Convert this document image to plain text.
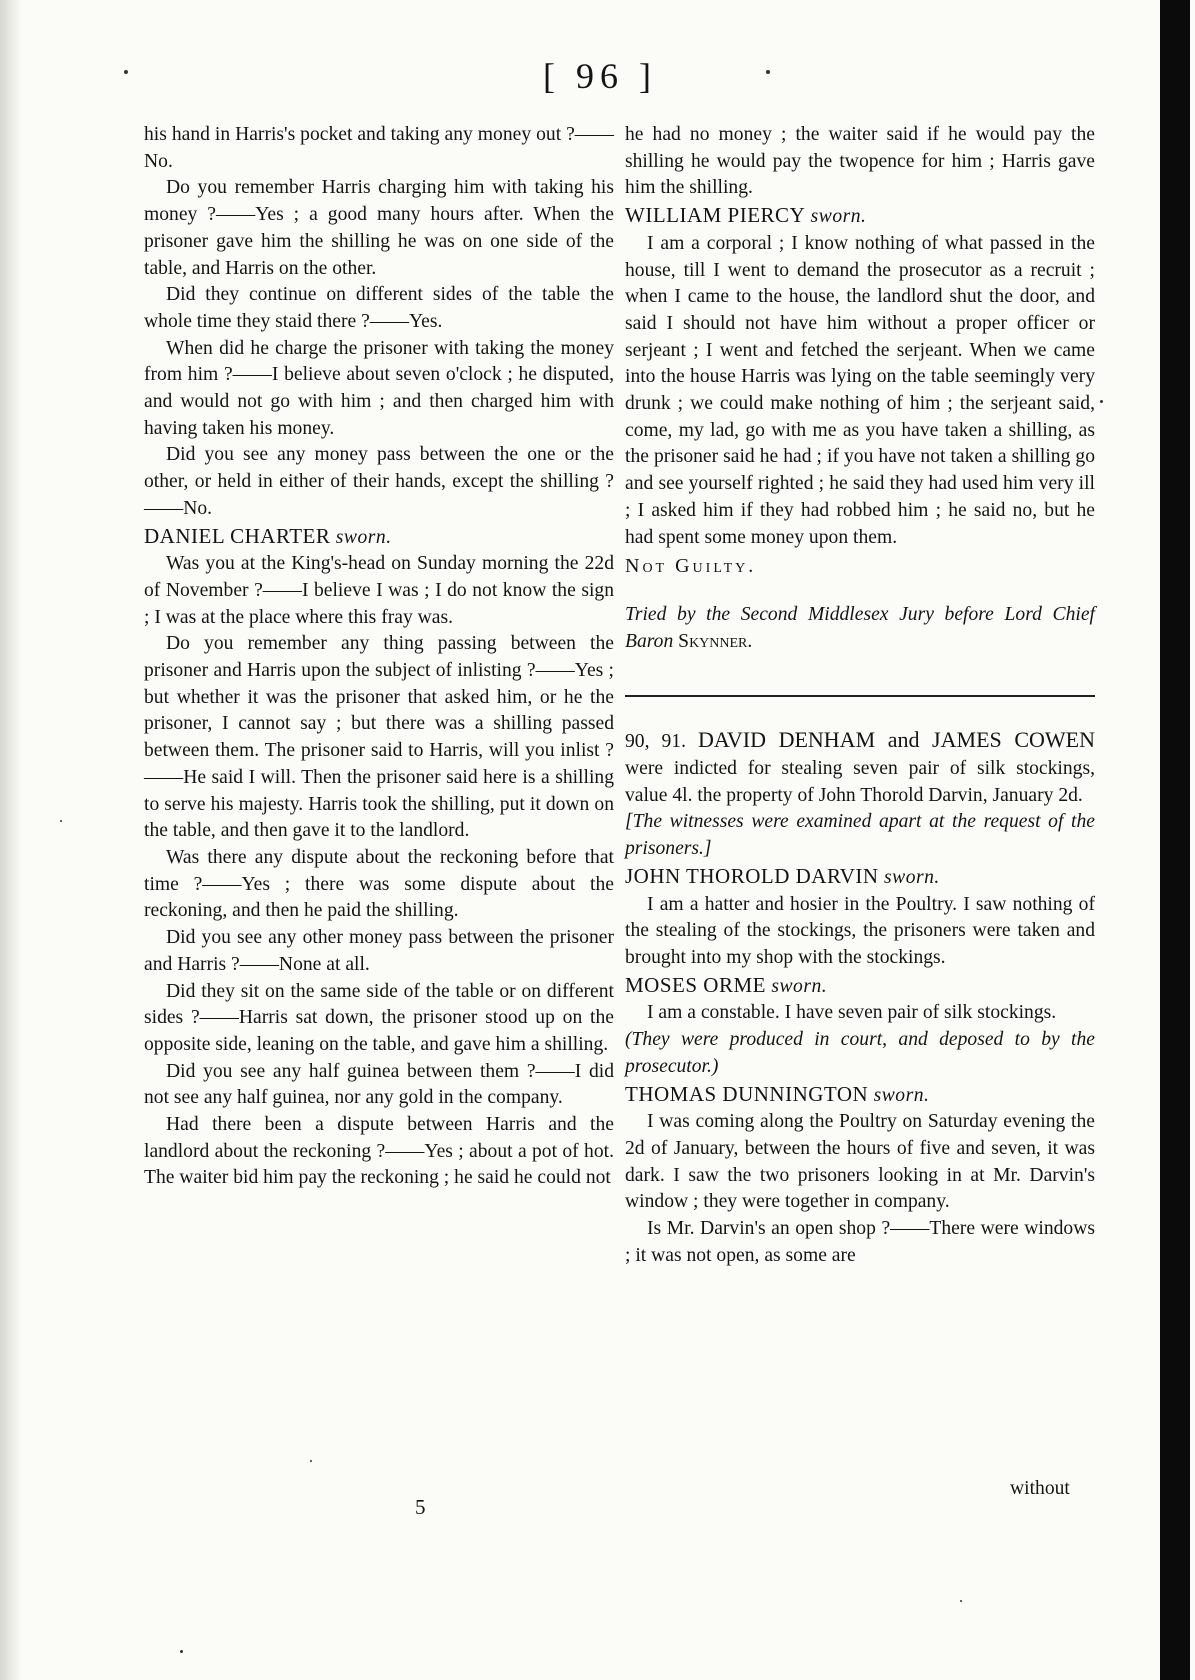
[ 96 ]

his hand in Harris's pocket and taking any money out ?——No.

Do you remember Harris charging him with taking his money ?——Yes ; a good many hours after. When the prisoner gave him the shilling he was on one side of the table, and Harris on the other.

Did they continue on different sides of the table the whole time they staid there ?——Yes.

When did he charge the prisoner with taking the money from him ?——I believe about seven o'clock ; he disputed, and would not go with him ; and then charged him with having taken his money.

Did you see any money pass between the one or the other, or held in either of their hands, except the shilling ?——No.

DANIEL CHARTER sworn.

Was you at the King's-head on Sunday morning the 22d of November ?——I believe I was ; I do not know the sign ; I was at the place where this fray was.

Do you remember any thing passing between the prisoner and Harris upon the subject of inlisting ?——Yes ; but whether it was the prisoner that asked him, or he the prisoner, I cannot say ; but there was a shilling passed between them. The prisoner said to Harris, will you inlist ?——He said I will. Then the prisoner said here is a shilling to serve his majesty. Harris took the shilling, put it down on the table, and then gave it to the landlord.

Was there any dispute about the reckoning before that time ?——Yes ; there was some dispute about the reckoning, and then he paid the shilling.

Did you see any other money pass between the prisoner and Harris ?——None at all.

Did they sit on the same side of the table or on different sides ?——Harris sat down, the prisoner stood up on the opposite side, leaning on the table, and gave him a shilling.

Did you see any half guinea between them ?——I did not see any half guinea, nor any gold in the company.

Had there been a dispute between Harris and the landlord about the reckoning ?——Yes ; about a pot of hot. The waiter bid him pay the reckoning ; he said he could not

he had no money ; the waiter said if he would pay the shilling he would pay the twopence for him ; Harris gave him the shilling.

WILLIAM PIERCY sworn.

I am a corporal ; I know nothing of what passed in the house, till I went to demand the prosecutor as a recruit ; when I came to the house, the landlord shut the door, and said I should not have him without a proper officer or serjeant ; I went and fetched the serjeant. When we came into the house Harris was lying on the table seemingly very drunk ; we could make nothing of him ; the serjeant said, come, my lad, go with me as you have taken a shilling, as the prisoner said he had ; if you have not taken a shilling go and see yourself righted ; he said they had used him very ill ; I asked him if they had robbed him ; he said no, but he had spent some money upon them.

Not Guilty.

Tried by the Second Middlesex Jury before Lord Chief Baron Skynner.

90, 91. DAVID DENHAM and JAMES COWEN were indicted for stealing seven pair of silk stockings, value 4l. the property of John Thorold Darvin, January 2d.

[The witnesses were examined apart at the request of the prisoners.]

JOHN THOROLD DARVIN sworn.

I am a hatter and hosier in the Poultry. I saw nothing of the stealing of the stockings, the prisoners were taken and brought into my shop with the stockings.

MOSES ORME sworn.

I am a constable. I have seven pair of silk stockings.

(They were produced in court, and deposed to by the prosecutor.)

THOMAS DUNNINGTON sworn.

I was coming along the Poultry on Saturday evening the 2d of January, between the hours of five and seven, it was dark. I saw the two prisoners looking in at Mr. Darvin's window ; they were together in company.

Is Mr. Darvin's an open shop ?——There were windows ; it was not open, as some are

5
without
